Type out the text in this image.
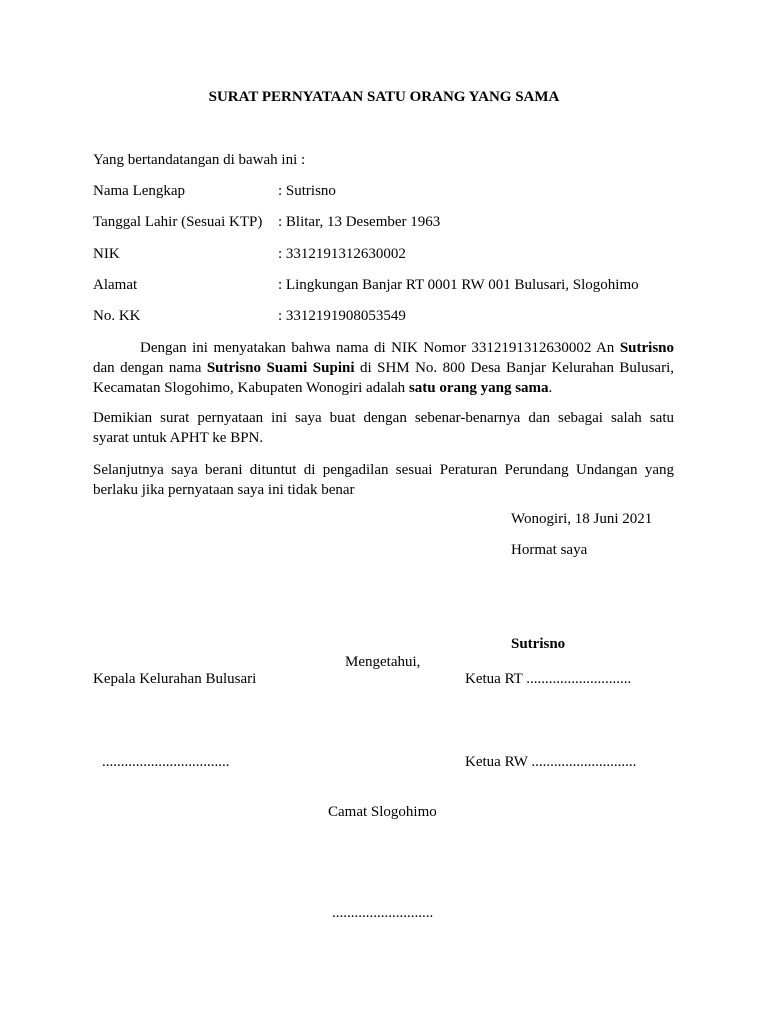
SURAT PERNYATAAN SATU ORANG YANG SAMA
Yang bertandatangan di bawah ini :
Nama Lengkap	: Sutrisno
Tanggal Lahir (Sesuai KTP) : Blitar, 13 Desember 1963
NIK	: 3312191312630002
Alamat	: Lingkungan Banjar RT 0001 RW 001 Bulusari, Slogohimo
No. KK	: 3312191908053549
Dengan ini menyatakan bahwa nama di NIK Nomor 3312191312630002 An Sutrisno
dan dengan nama Sutrisno Suami Supini di SHM No. 800 Desa Banjar Kelurahan Bulusari,
Kecamatan Slogohimo, Kabupaten Wonogiri adalah satu orang yang sama.
Demikian surat pernyataan ini saya buat dengan sebenar-benarnya dan sebagai salah satu
syarat untuk APHT ke BPN.
Selanjutnya saya berani dituntut di pengadilan sesuai Peraturan Perundang Undangan yang
berlaku jika pernyataan saya ini tidak benar
Wonogiri, 18 Juni 2021
Hormat saya
Sutrisno
Mengetahui,
Kepala Kelurahan Bulusari	Ketua RT ............................
..................................	Ketua RW ............................
Camat Slogohimo
...........................
